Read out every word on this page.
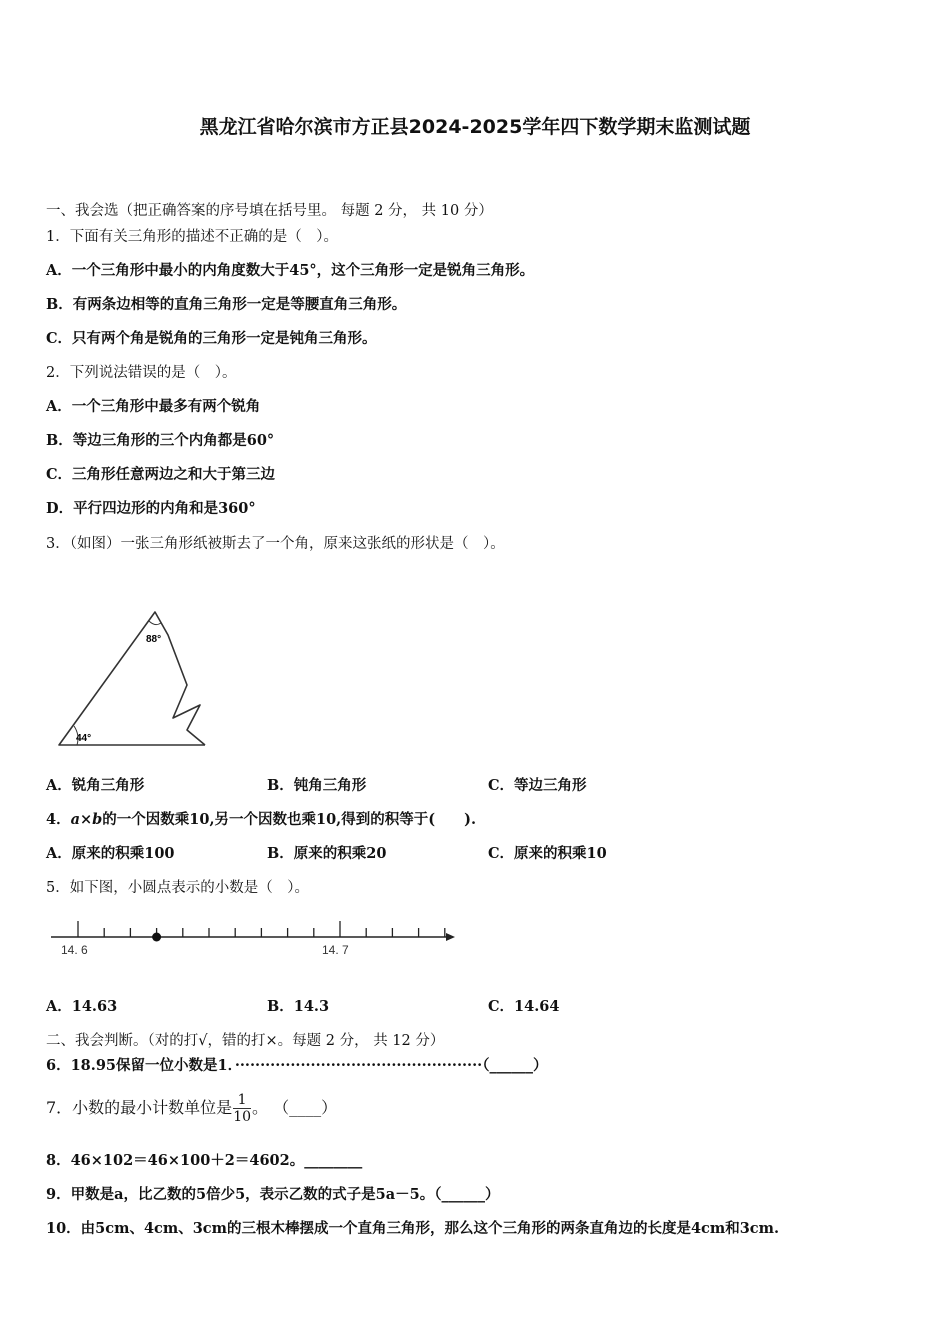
黑龙江省哈尔滨市方正县2024-2025学年四下数学期末监测试题
一、我会选（把正确答案的序号填在括号里。 每题 2 分， 共 10 分）
1．下面有关三角形的描述不正确的是（　）。
A．一个三角形中最小的内角度数大于45°，这个三角形一定是锐角三角形。
B．有两条边相等的直角三角形一定是等腰直角三角形。
C．只有两个角是锐角的三角形一定是钝角三角形。
2．下列说法错误的是（　）。
A．一个三角形中最多有两个锐角
B．等边三角形的三个内角都是60°
C．三角形任意两边之和大于第三边
D．平行四边形的内角和是360°
3．（如图）一张三角形纸被斯去了一个角，原来这张纸的形状是（　）。
88°
44°
A．锐角三角形	B．钝角三角形	C．等边三角形
4．a×b的一个因数乘10,另一个因数也乘10,得到的积等于(　　).
A．原来的积乘100	B．原来的积乘20	C．原来的积乘10
5．如下图，小圆点表示的小数是（　）。
14. 6	14. 7
A．14.63	B．14.3	C．14.64
二、我会判断。（对的打√，错的打×。每题 2 分， 共 12 分）
6．18.95保留一位小数是1．·················································（______）
7．小数的最小计数单位是 $\frac{1}{10}$ 。 （____）
8．46×102＝46×100＋2＝4602。________
9．甲数是a，比乙数的5倍少5，表示乙数的式子是5a－5。（______）
10．由5cm、4cm、3cm的三根木棒摆成一个直角三角形，那么这个三角形的两条直角边的长度是4cm和3cm.
